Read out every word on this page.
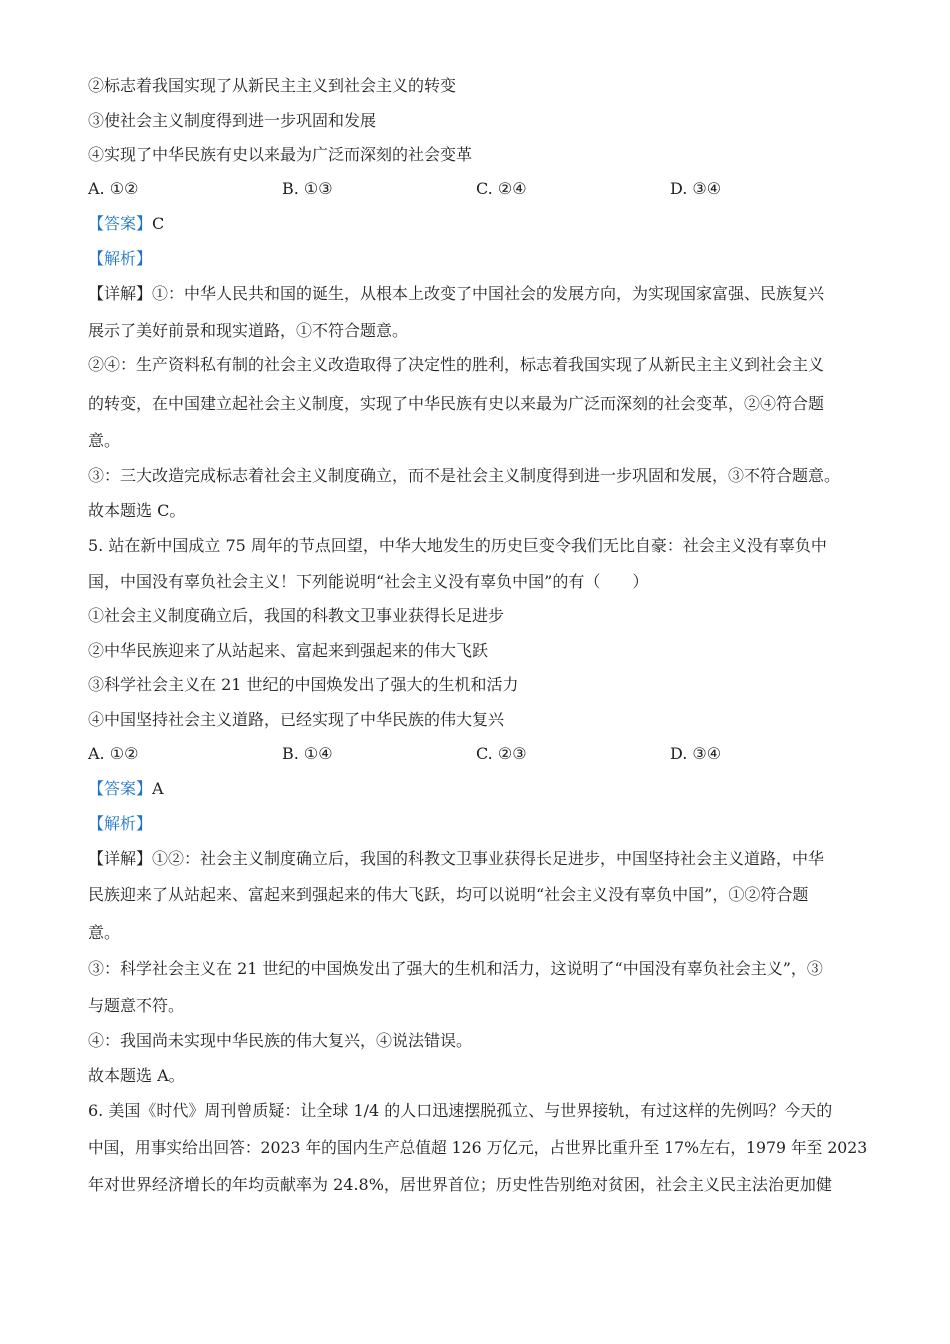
②标志着我国实现了从新民主主义到社会主义的转变
③使社会主义制度得到进一步巩固和发展
④实现了中华民族有史以来最为广泛而深刻的社会变革
A. ①②	B. ①③	C. ②④	D. ③④
【答案】C
【解析】
【详解】①：中华人民共和国的诞生，从根本上改变了中国社会的发展方向，为实现国家富强、民族复兴
展示了美好前景和现实道路，①不符合题意。
②④：生产资料私有制的社会主义改造取得了决定性的胜利，标志着我国实现了从新民主主义到社会主义
的转变，在中国建立起社会主义制度，实现了中华民族有史以来最为广泛而深刻的社会变革，②④符合题
意。
③：三大改造完成标志着社会主义制度确立，而不是社会主义制度得到进一步巩固和发展，③不符合题意。
故本题选 C。
5. 站在新中国成立 75 周年的节点回望，中华大地发生的历史巨变令我们无比自豪：社会主义没有辜负中
国，中国没有辜负社会主义！下列能说明“社会主义没有辜负中国”的有（　　）
①社会主义制度确立后，我国的科教文卫事业获得长足进步
②中华民族迎来了从站起来、富起来到强起来的伟大飞跃
③科学社会主义在 21 世纪的中国焕发出了强大的生机和活力
④中国坚持社会主义道路，已经实现了中华民族的伟大复兴
A. ①②	B. ①④	C. ②③	D. ③④
【答案】A
【解析】
【详解】①②：社会主义制度确立后，我国的科教文卫事业获得长足进步，中国坚持社会主义道路，中华
民族迎来了从站起来、富起来到强起来的伟大飞跃，均可以说明“社会主义没有辜负中国”，①②符合题
意。
③：科学社会主义在 21 世纪的中国焕发出了强大的生机和活力，这说明了“中国没有辜负社会主义”，③
与题意不符。
④：我国尚未实现中华民族的伟大复兴，④说法错误。
故本题选 A。
6. 美国《时代》周刊曾质疑：让全球 1/4 的人口迅速摆脱孤立、与世界接轨，有过这样的先例吗？今天的
中国，用事实给出回答：2023 年的国内生产总值超 126 万亿元，占世界比重升至 17%左右，1979 年至 2023
年对世界经济增长的年均贡献率为 24.8%，居世界首位；历史性告别绝对贫困，社会主义民主法治更加健
